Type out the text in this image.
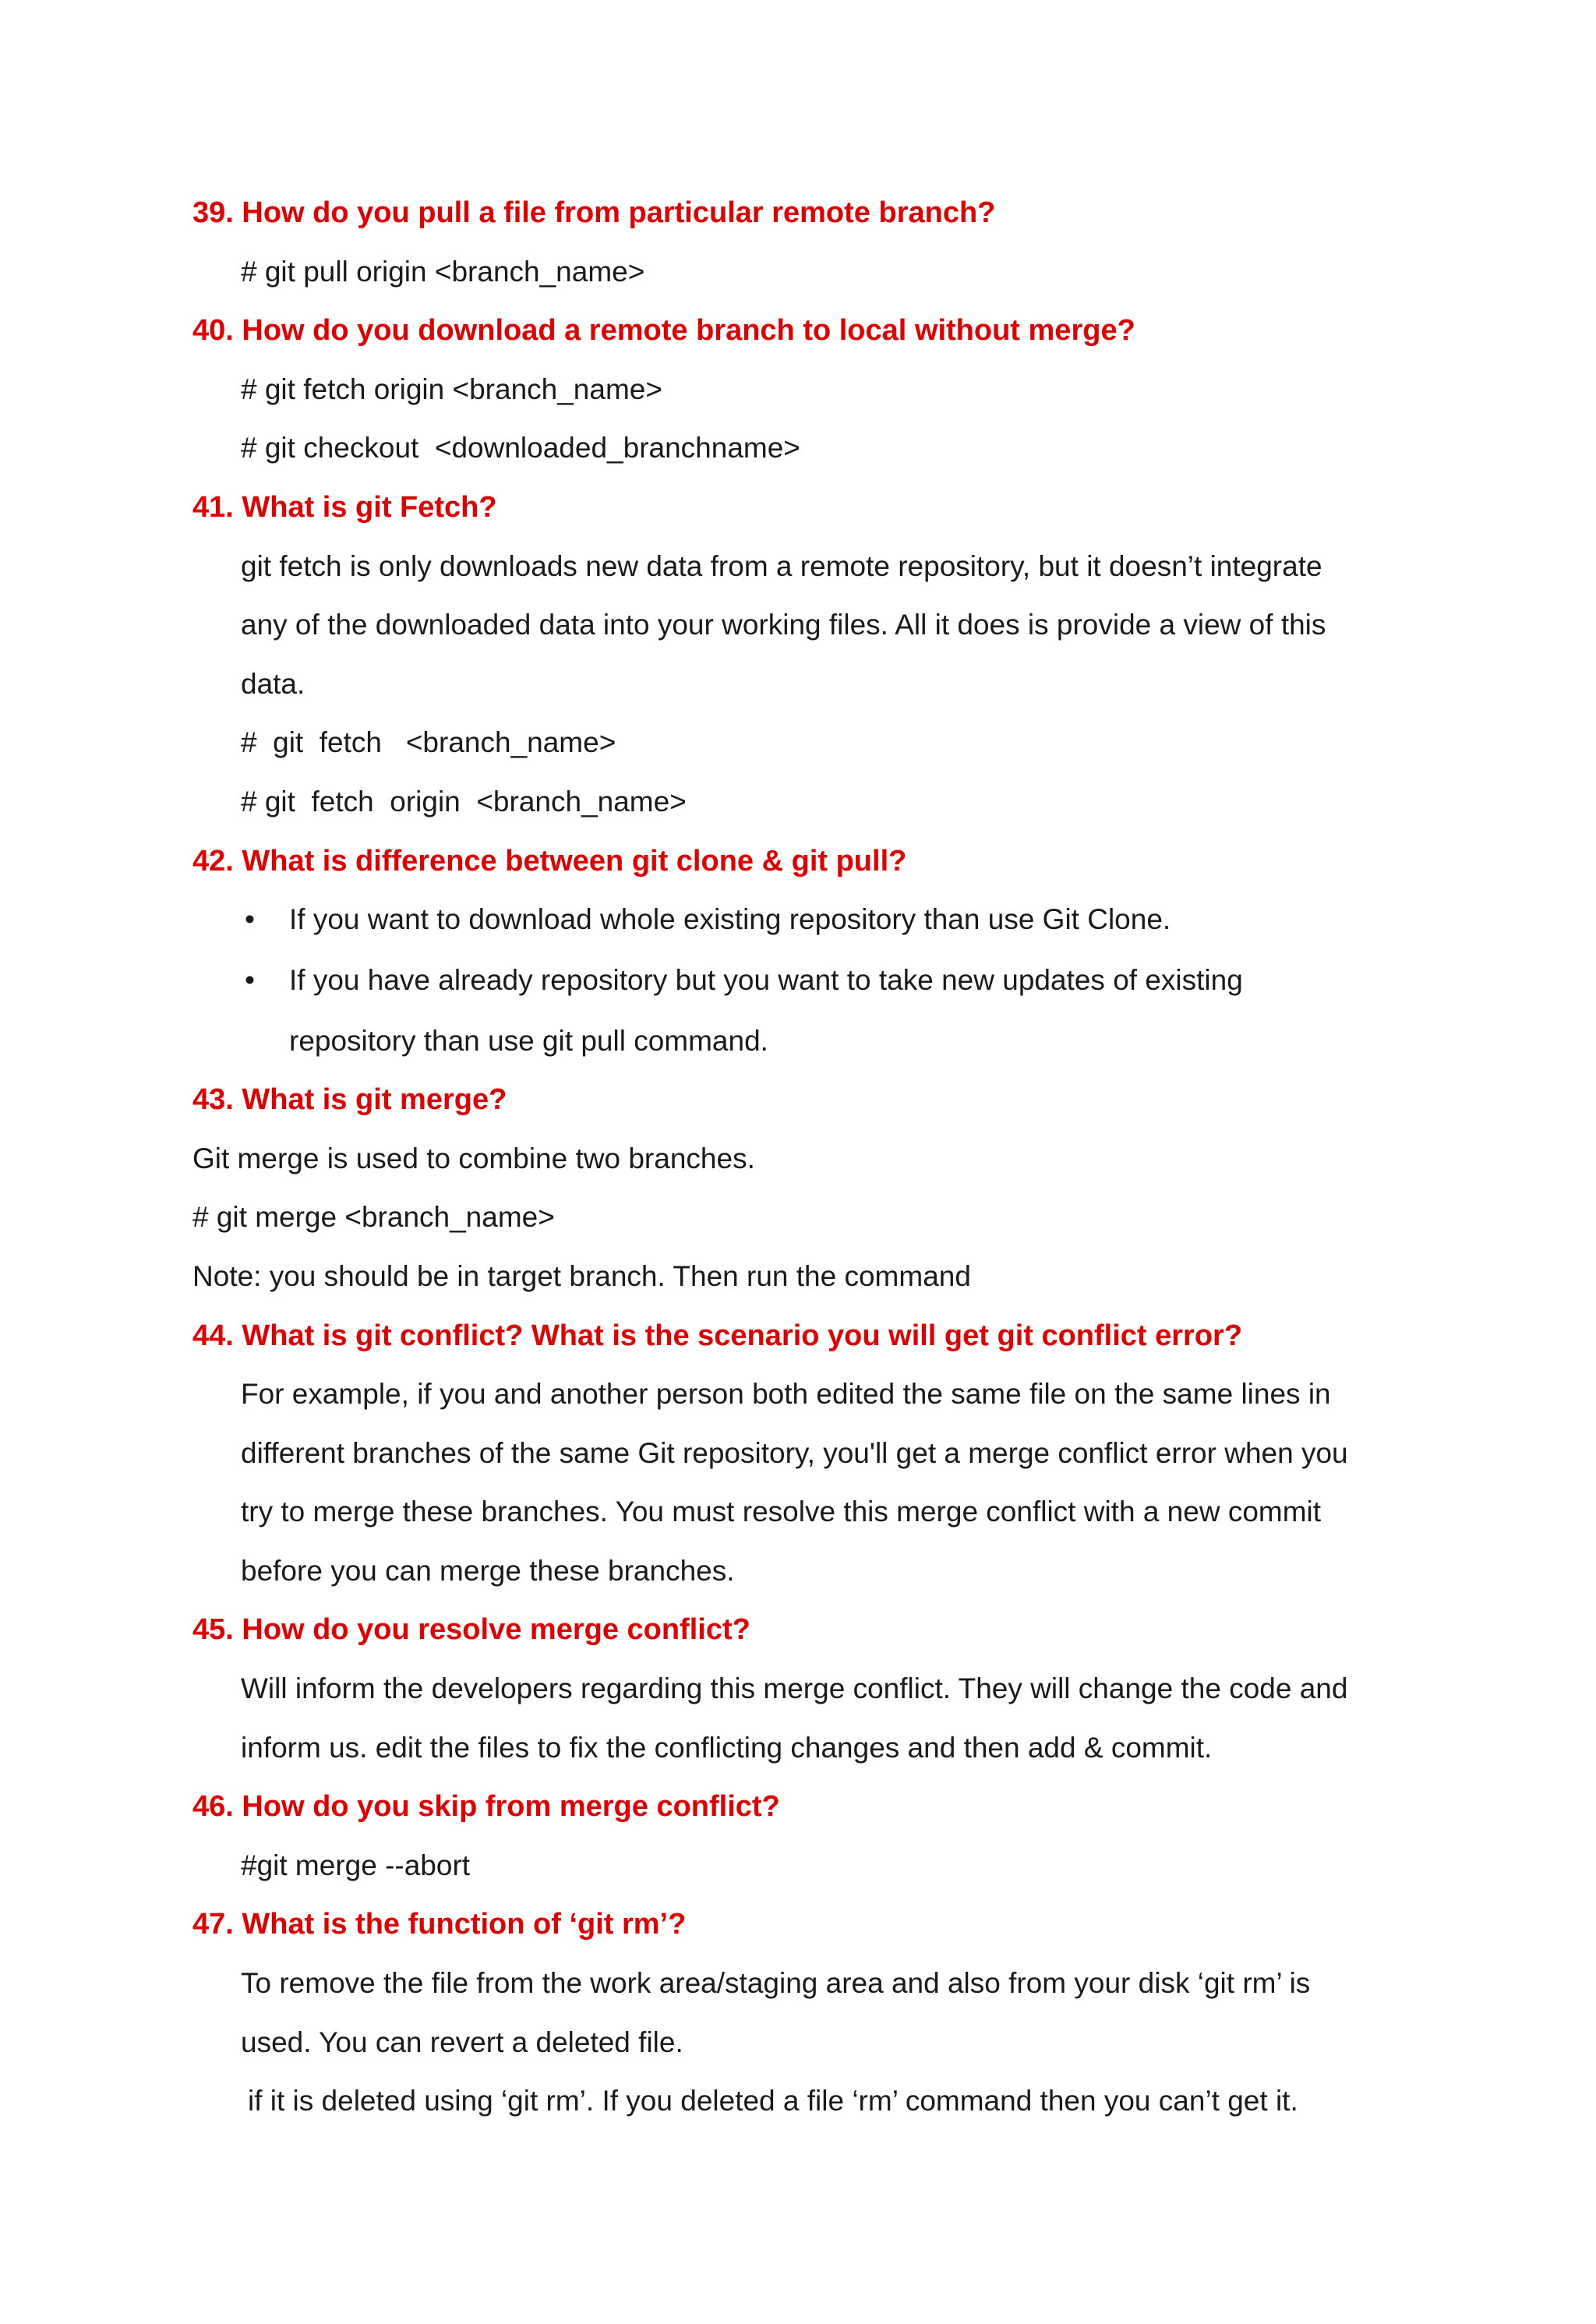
39. How do you pull a file from particular remote branch?
# git pull origin <branch_name>
40. How do you download a remote branch to local without merge?
# git fetch origin <branch_name>
# git checkout  <downloaded_branchname>
41. What is git Fetch?
git fetch is only downloads new data from a remote repository, but it doesn’t integrate
any of the downloaded data into your working files. All it does is provide a view of this
data.
#  git  fetch   <branch_name>
# git  fetch  origin  <branch_name>
42. What is difference between git clone & git pull?
• If you want to download whole existing repository than use Git Clone.
• If you have already repository but you want to take new updates of existing
repository than use git pull command.
43. What is git merge?
Git merge is used to combine two branches.
# git merge <branch_name>
Note: you should be in target branch. Then run the command
44. What is git conflict? What is the scenario you will get git conflict error?
For example, if you and another person both edited the same file on the same lines in
different branches of the same Git repository, you'll get a merge conflict error when you
try to merge these branches. You must resolve this merge conflict with a new commit
before you can merge these branches.
45. How do you resolve merge conflict?
Will inform the developers regarding this merge conflict. They will change the code and
inform us. edit the files to fix the conflicting changes and then add & commit.
46. How do you skip from merge conflict?
#git merge --abort
47. What is the function of ‘git rm’?
To remove the file from the work area/staging area and also from your disk ‘git rm’ is
used. You can revert a deleted file.
if it is deleted using ‘git rm’. If you deleted a file ‘rm’ command then you can’t get it.
